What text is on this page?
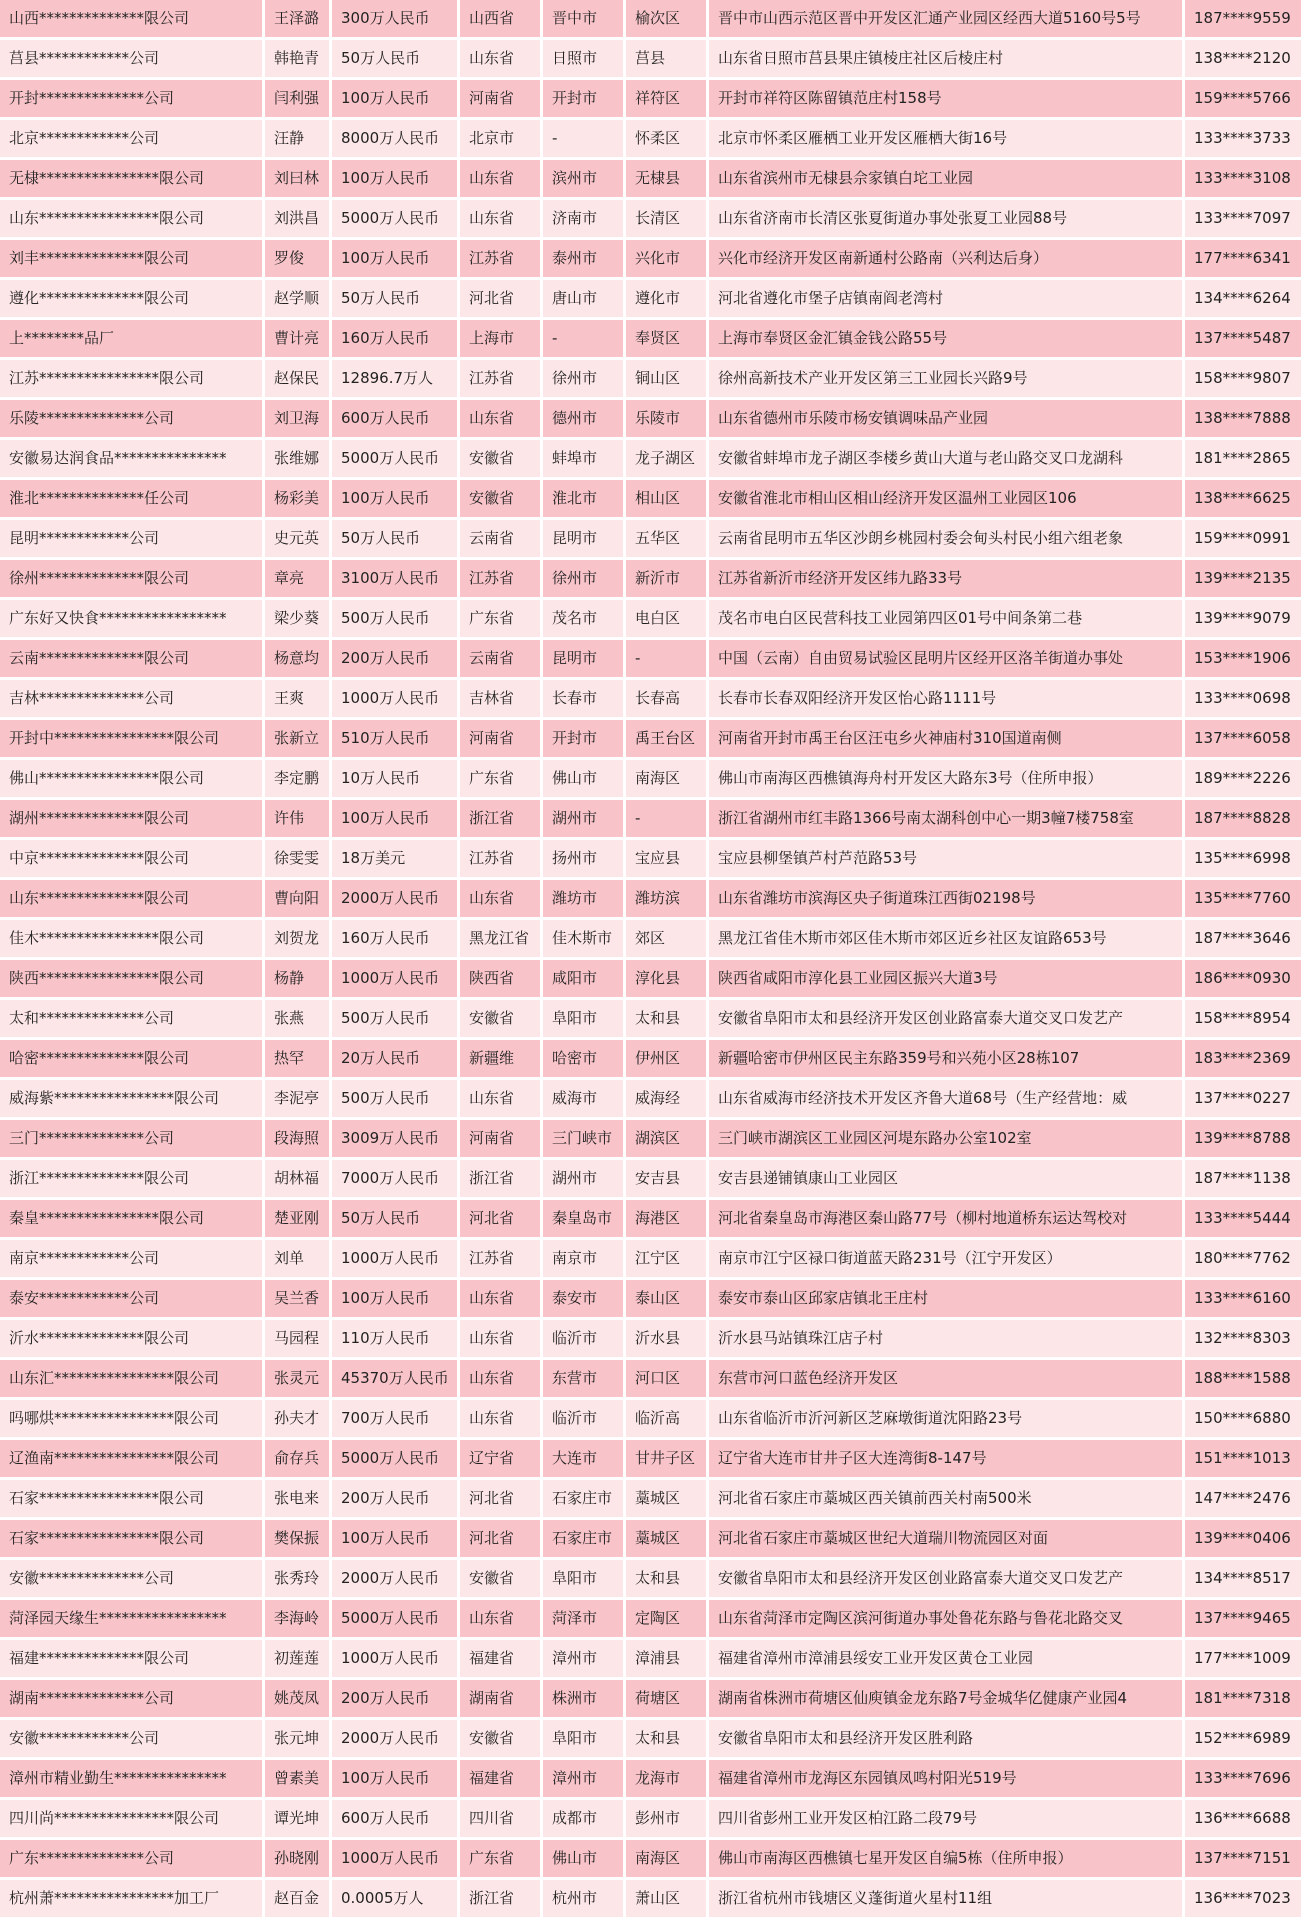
山西**************限公司	王泽潞	300万人民币	山西省	晋中市	榆次区	晋中市山西示范区晋中开发区汇通产业园区经西大道5160号5号	187****9559
莒县************公司	韩艳青	50万人民币	山东省	日照市	莒县	山东省日照市莒县果庄镇棱庄社区后棱庄村	138****2120
开封**************公司	闫利强	100万人民币	河南省	开封市	祥符区	开封市祥符区陈留镇范庄村158号	159****5766
北京************公司	汪静	8000万人民币	北京市	-	怀柔区	北京市怀柔区雁栖工业开发区雁栖大街16号	133****3733
无棣****************限公司	刘曰林	100万人民币	山东省	滨州市	无棣县	山东省滨州市无棣县佘家镇白坨工业园	133****3108
山东****************限公司	刘洪昌	5000万人民币	山东省	济南市	长清区	山东省济南市长清区张夏街道办事处张夏工业园88号	133****7097
刘丰**************限公司	罗俊	100万人民币	江苏省	泰州市	兴化市	兴化市经济开发区南新通村公路南（兴利达后身）	177****6341
遵化**************限公司	赵学顺	50万人民币	河北省	唐山市	遵化市	河北省遵化市堡子店镇南阎老湾村	134****6264
上********品厂	曹计亮	160万人民币	上海市	-	奉贤区	上海市奉贤区金汇镇金钱公路55号	137****5487
江苏****************限公司	赵保民	12896.7万人	江苏省	徐州市	铜山区	徐州高新技术产业开发区第三工业园长兴路9号	158****9807
乐陵**************公司	刘卫海	600万人民币	山东省	德州市	乐陵市	山东省德州市乐陵市杨安镇调味品产业园	138****7888
安徽易达润食品***************	张维娜	5000万人民币	安徽省	蚌埠市	龙子湖区	安徽省蚌埠市龙子湖区李楼乡黄山大道与老山路交叉口龙湖科	181****2865
淮北**************任公司	杨彩美	100万人民币	安徽省	淮北市	相山区	安徽省淮北市相山区相山经济开发区温州工业园区106	138****6625
昆明************公司	史元英	50万人民币	云南省	昆明市	五华区	云南省昆明市五华区沙朗乡桃园村委会甸头村民小组六组老象	159****0991
徐州**************限公司	章亮	3100万人民币	江苏省	徐州市	新沂市	江苏省新沂市经济开发区纬九路33号	139****2135
广东好又快食*****************	梁少葵	500万人民币	广东省	茂名市	电白区	茂名市电白区民营科技工业园第四区01号中间条第二巷	139****9079
云南**************限公司	杨意均	200万人民币	云南省	昆明市	-	中国（云南）自由贸易试验区昆明片区经开区洛羊街道办事处	153****1906
吉林**************公司	王爽	1000万人民币	吉林省	长春市	长春高	长春市长春双阳经济开发区怡心路1111号	133****0698
开封中****************限公司	张新立	510万人民币	河南省	开封市	禹王台区	河南省开封市禹王台区汪屯乡火神庙村310国道南侧	137****6058
佛山****************限公司	李定鹏	10万人民币	广东省	佛山市	南海区	佛山市南海区西樵镇海舟村开发区大路东3号（住所申报）	189****2226
湖州**************限公司	许伟	100万人民币	浙江省	湖州市	-	浙江省湖州市红丰路1366号南太湖科创中心一期3幢7楼758室	187****8828
中京**************限公司	徐雯雯	18万美元	江苏省	扬州市	宝应县	宝应县柳堡镇芦村芦范路53号	135****6998
山东**************限公司	曹向阳	2000万人民币	山东省	潍坊市	潍坊滨	山东省潍坊市滨海区央子街道珠江西街02198号	135****7760
佳木****************限公司	刘贺龙	160万人民币	黑龙江省	佳木斯市	郊区	黑龙江省佳木斯市郊区佳木斯市郊区近乡社区友谊路653号	187****3646
陕西****************限公司	杨静	1000万人民币	陕西省	咸阳市	淳化县	陕西省咸阳市淳化县工业园区振兴大道3号	186****0930
太和**************公司	张燕	500万人民币	安徽省	阜阳市	太和县	安徽省阜阳市太和县经济开发区创业路富泰大道交叉口发艺产	158****8954
哈密**************限公司	热罕	20万人民币	新疆维	哈密市	伊州区	新疆哈密市伊州区民主东路359号和兴苑小区28栋107	183****2369
威海紫****************限公司	李泥亭	500万人民币	山东省	威海市	威海经	山东省威海市经济技术开发区齐鲁大道68号（生产经营地：威	137****0227
三门**************公司	段海照	3009万人民币	河南省	三门峡市	湖滨区	三门峡市湖滨区工业园区河堤东路办公室102室	139****8788
浙江**************限公司	胡林福	7000万人民币	浙江省	湖州市	安吉县	安吉县递铺镇康山工业园区	187****1138
秦皇****************限公司	楚亚刚	50万人民币	河北省	秦皇岛市	海港区	河北省秦皇岛市海港区秦山路77号（柳村地道桥东运达驾校对	133****5444
南京************公司	刘单	1000万人民币	江苏省	南京市	江宁区	南京市江宁区禄口街道蓝天路231号（江宁开发区）	180****7762
泰安************公司	吴兰香	100万人民币	山东省	泰安市	泰山区	泰安市泰山区邱家店镇北王庄村	133****6160
沂水**************限公司	马园程	110万人民币	山东省	临沂市	沂水县	沂水县马站镇珠江店子村	132****8303
山东汇****************限公司	张灵元	45370万人民币	山东省	东营市	河口区	东营市河口蓝色经济开发区	188****1588
吗哪烘****************限公司	孙夫才	700万人民币	山东省	临沂市	临沂高	山东省临沂市沂河新区芝麻墩街道沈阳路23号	150****6880
辽渔南****************限公司	俞存兵	5000万人民币	辽宁省	大连市	甘井子区	辽宁省大连市甘井子区大连湾街8-147号	151****1013
石家****************限公司	张电来	200万人民币	河北省	石家庄市	藁城区	河北省石家庄市藁城区西关镇前西关村南500米	147****2476
石家****************限公司	樊保振	100万人民币	河北省	石家庄市	藁城区	河北省石家庄市藁城区世纪大道瑞川物流园区对面	139****0406
安徽**************公司	张秀玲	2000万人民币	安徽省	阜阳市	太和县	安徽省阜阳市太和县经济开发区创业路富泰大道交叉口发艺产	134****8517
菏泽园天缘生*****************	李海岭	5000万人民币	山东省	菏泽市	定陶区	山东省菏泽市定陶区滨河街道办事处鲁花东路与鲁花北路交叉	137****9465
福建**************限公司	初莲莲	1000万人民币	福建省	漳州市	漳浦县	福建省漳州市漳浦县绥安工业开发区黄仓工业园	177****1009
湖南**************公司	姚茂凤	200万人民币	湖南省	株洲市	荷塘区	湖南省株洲市荷塘区仙庾镇金龙东路7号金城华亿健康产业园4	181****7318
安徽************公司	张元坤	2000万人民币	安徽省	阜阳市	太和县	安徽省阜阳市太和县经济开发区胜利路	152****6989
漳州市精业勤生***************	曾素美	100万人民币	福建省	漳州市	龙海市	福建省漳州市龙海区东园镇凤鸣村阳光519号	133****7696
四川尚****************限公司	谭光坤	600万人民币	四川省	成都市	彭州市	四川省彭州工业开发区柏江路二段79号	136****6688
广东**************公司	孙晓刚	1000万人民币	广东省	佛山市	南海区	佛山市南海区西樵镇七星开发区自编5栋（住所申报）	137****7151
杭州萧****************加工厂	赵百金	0.0005万人	浙江省	杭州市	萧山区	浙江省杭州市钱塘区义蓬街道火星村11组	136****7023
